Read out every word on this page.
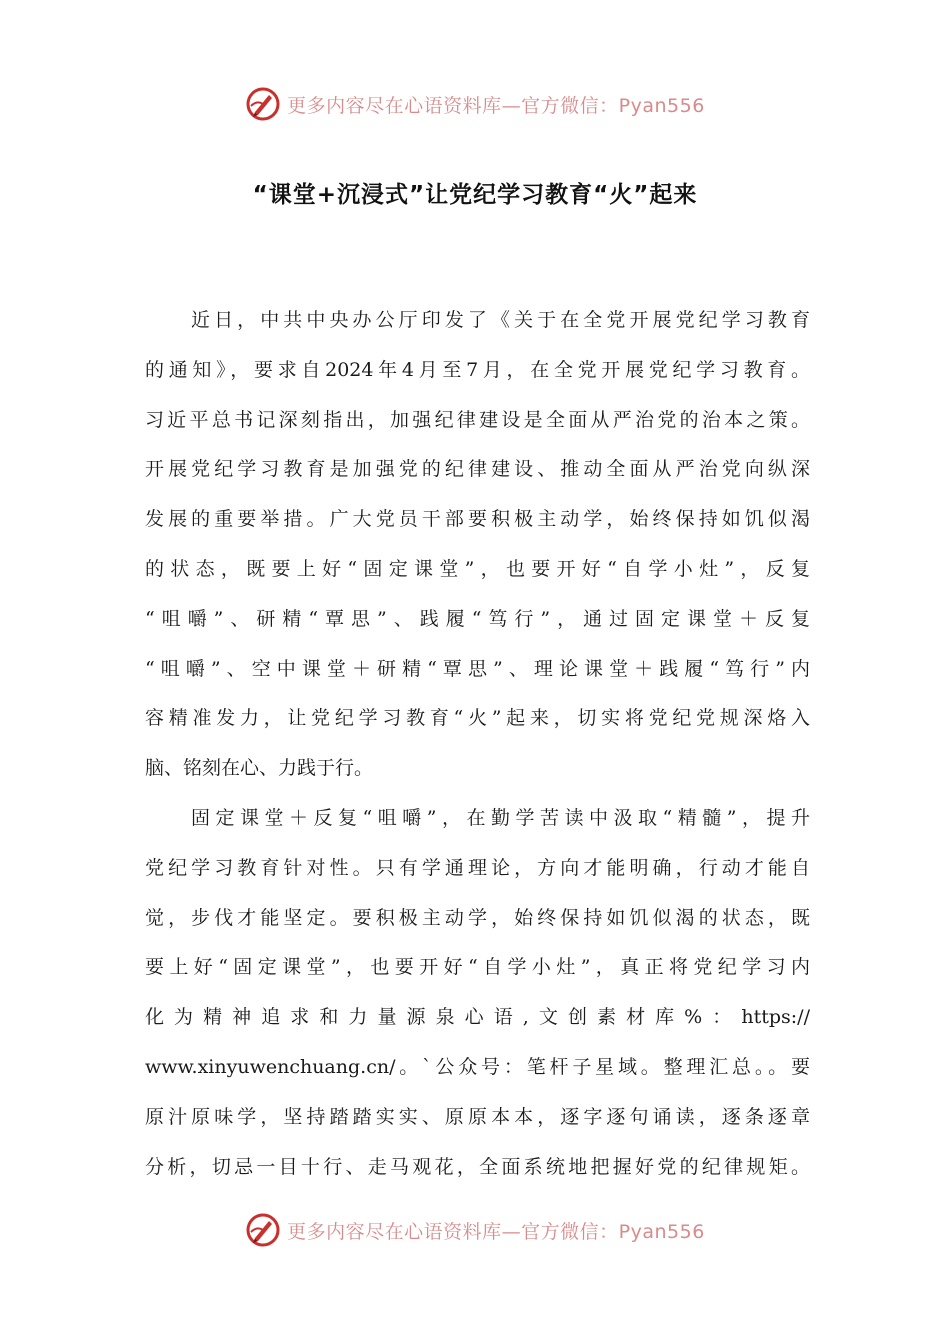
更多内容尽在心语资料库—官方微信：Pyan556
“课堂+沉浸式”让党纪学习教育“火”起来
近日，中共中央办公厅印发了《关于在全党开展党纪学习教育
的通知》，要求自2024年4月至7月，在全党开展党纪学习教育。
习近平总书记深刻指出，加强纪律建设是全面从严治党的治本之策。
开展党纪学习教育是加强党的纪律建设、推动全面从严治党向纵深
发展的重要举措。广大党员干部要积极主动学，始终保持如饥似渴
的状态，既要上好“固定课堂”，也要开好“自学小灶”，反复
“咀嚼”、研精“覃思”、践履“笃行”，通过固定课堂＋反复
“咀嚼”、空中课堂＋研精“覃思”、理论课堂＋践履“笃行”内
容精准发力，让党纪学习教育“火”起来，切实将党纪党规深烙入
脑、铭刻在心、力践于行。
固定课堂＋反复“咀嚼”，在勤学苦读中汲取“精髓”，提升
党纪学习教育针对性。只有学通理论，方向才能明确，行动才能自
觉，步伐才能坚定。要积极主动学，始终保持如饥似渴的状态，既
要上好“固定课堂”，也要开好“自学小灶”，真正将党纪学习内
化为精神追求和力量源泉心语,文创素材库%：https://
www.xinyuwenchuang.cn/。`公众号：笔杆子星域。整理汇总。。要
原汁原味学，坚持踏踏实实、原原本本，逐字逐句诵读，逐条逐章
分析，切忌一目十行、走马观花，全面系统地把握好党的纪律规矩。
更多内容尽在心语资料库—官方微信：Pyan556
